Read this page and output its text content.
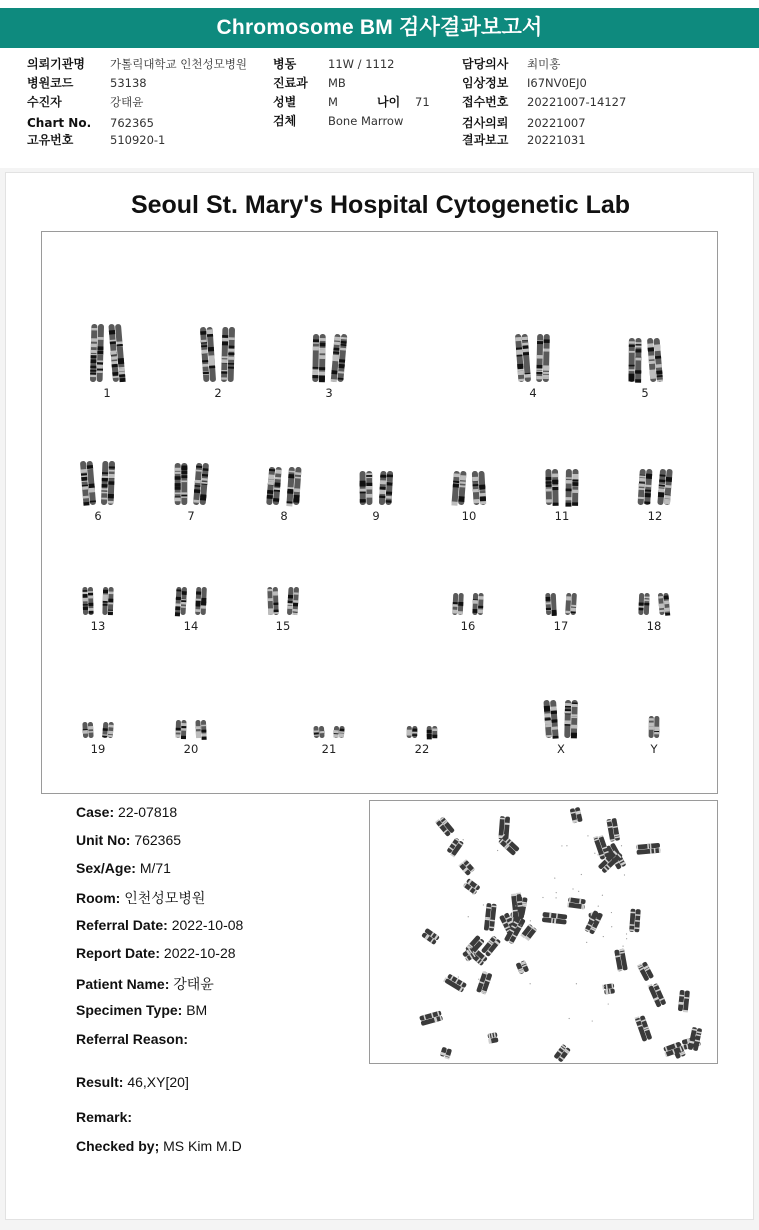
Chromosome BM 검사결과보고서
의뢰기관명 가톨릭대학교 인천성모병원
병원코드	53138
수진자	강태윤
Chart No. 762365
고유번호	510920-1
병동	11W / 1112
진료과 MB
성별	M	나이 71
검체	Bone Marrow
담당의사 최미홍
임상정보 I67NV0EJ0
접수번호 20221007-14127
검사의뢰 20221007
결과보고 20221031
Seoul St. Mary's Hospital Cytogenetic Lab
1	2	3	4	5
6	7	8	9	10	11	12
13	14	15	16	17	18
19	20	21	22	X	Y
Case: 22-07818
Unit No: 762365
Sex/Age: M/71
Room: 인천성모병원
Referral Date: 2022-10-08
Report Date: 2022-10-28
Patient Name: 강태윤
Specimen Type: BM
Referral Reason:
Result: 46,XY[20]
Remark:
Checked by; MS Kim M.D
